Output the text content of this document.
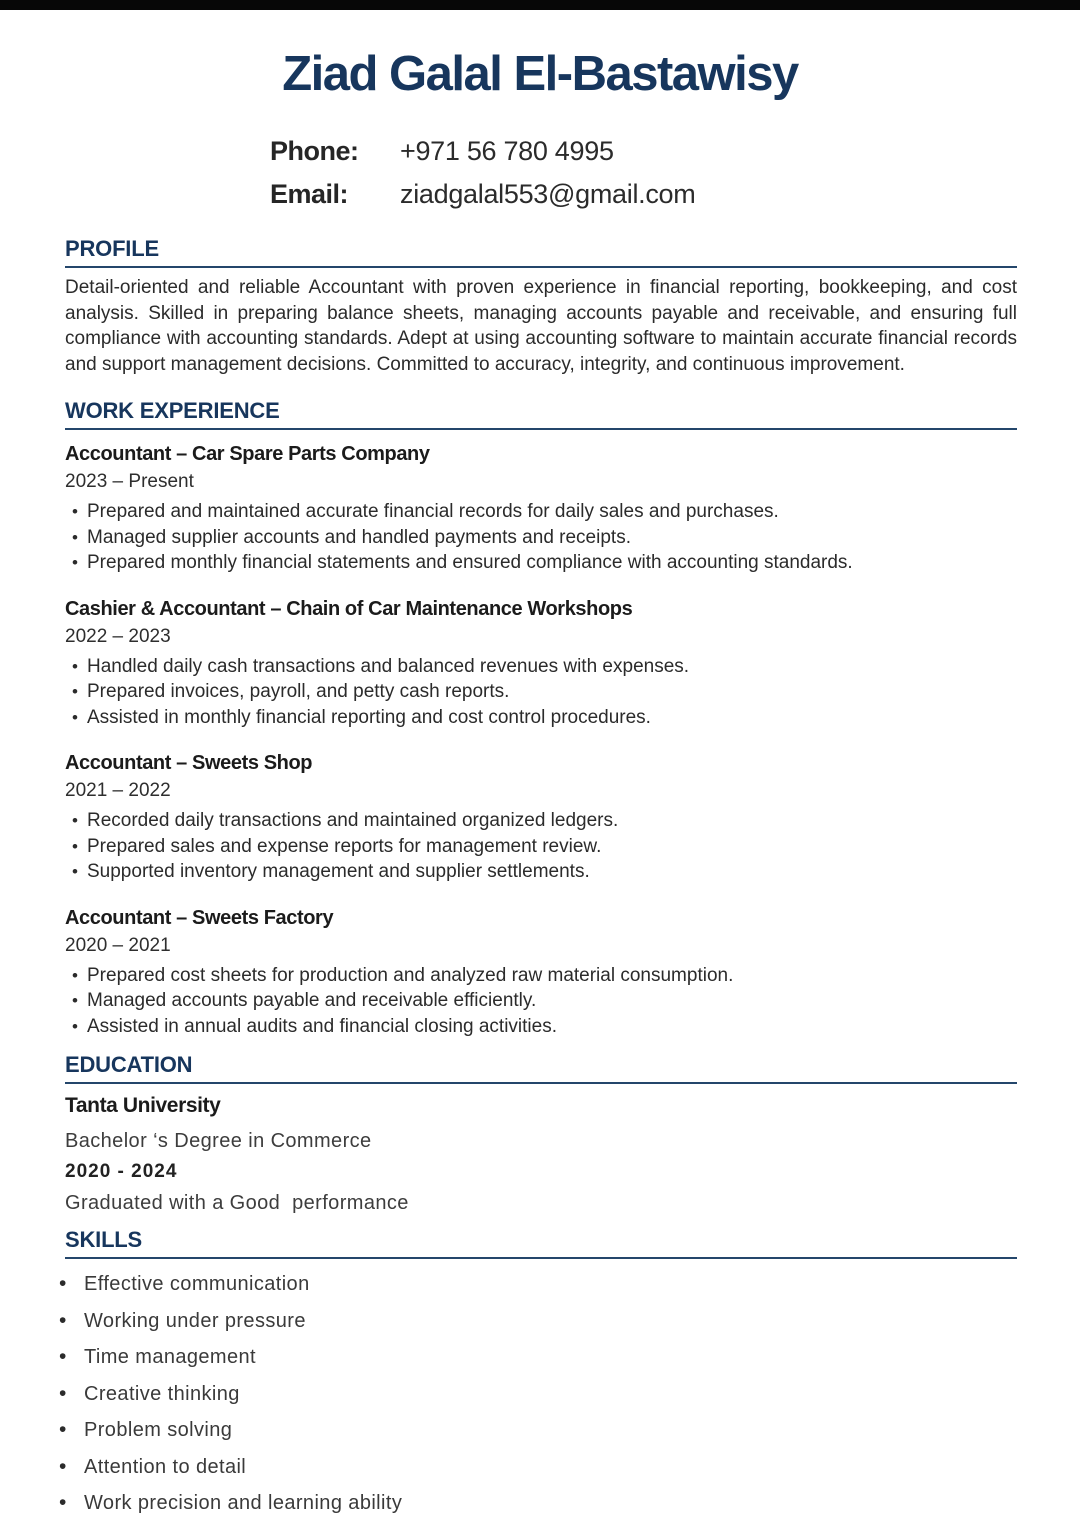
Ziad Galal El-Bastawisy
Phone:	+971 56 780 4995
Email:	ziadgalal553@gmail.com
PROFILE

Detail-oriented and reliable Accountant with proven experience in financial reporting, bookkeeping, and cost analysis. Skilled in preparing balance sheets, managing accounts payable and receivable, and ensuring full compliance with accounting standards. Adept at using accounting software to maintain accurate financial records and support management decisions. Committed to accuracy, integrity, and continuous improvement.

WORK EXPERIENCE
Accountant – Car Spare Parts Company
2023 – Present
• Prepared and maintained accurate financial records for daily sales and purchases.
• Managed supplier accounts and handled payments and receipts.
• Prepared monthly financial statements and ensured compliance with accounting standards.
Cashier & Accountant – Chain of Car Maintenance Workshops
2022 – 2023
• Handled daily cash transactions and balanced revenues with expenses.
• Prepared invoices, payroll, and petty cash reports.
• Assisted in monthly financial reporting and cost control procedures.
Accountant – Sweets Shop
2021 – 2022
• Recorded daily transactions and maintained organized ledgers.
• Prepared sales and expense reports for management review.
• Supported inventory management and supplier settlements.
Accountant – Sweets Factory
2020 – 2021
• Prepared cost sheets for production and analyzed raw material consumption.
• Managed accounts payable and receivable efficiently.
• Assisted in annual audits and financial closing activities.
EDUCATION
Tanta University
Bachelor ‘s Degree in Commerce
2020 - 2024
Graduated with a Good  performance
SKILLS
• Effective communication
• Working under pressure
• Time management
• Creative thinking
• Problem solving
• Attention to detail
• Work precision and learning ability
